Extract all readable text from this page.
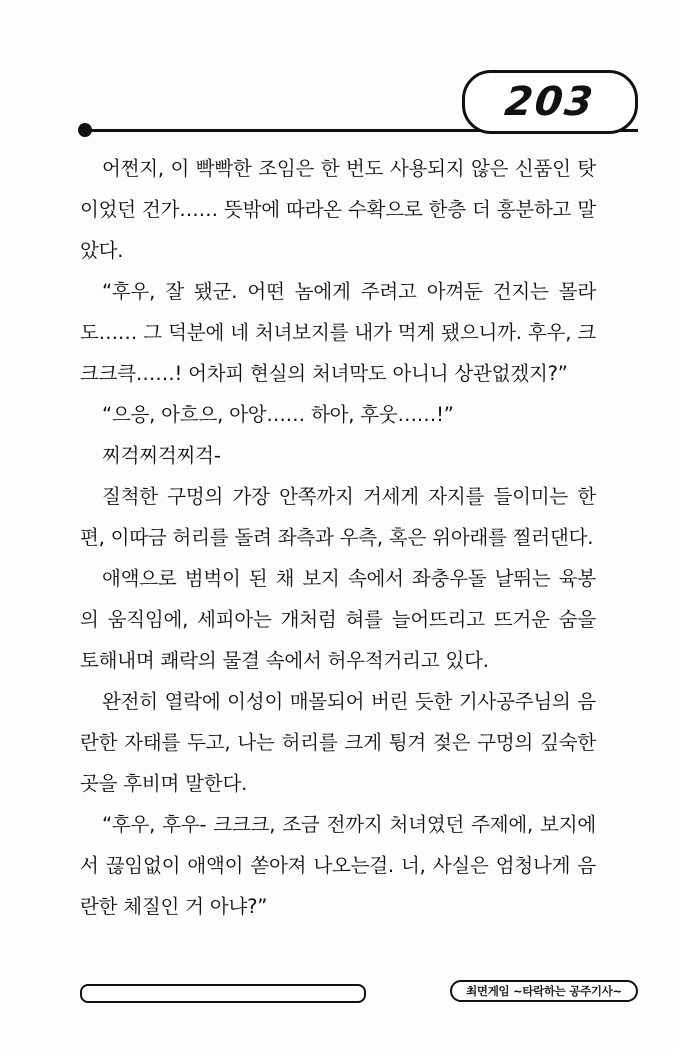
203

어쩐지, 이 빡빡한 조임은 한 번도 사용되지 않은 신품인 탓이었던 건가…… 뜻밖에 따라온 수확으로 한층 더 흥분하고 말았다.

“후우, 잘 됐군. 어떤 놈에게 주려고 아껴둔 건지는 몰라도…… 그 덕분에 네 처녀보지를 내가 먹게 됐으니까. 후우, 크크크큭……! 어차피 현실의 처녀막도 아니니 상관없겠지?”

“으응, 아흐으, 아앙…… 하아, 후웃……!”

찌걱찌걱찌걱-

질척한 구멍의 가장 안쪽까지 거세게 자지를 들이미는 한편, 이따금 허리를 돌려 좌측과 우측, 혹은 위아래를 찔러댄다.

애액으로 범벅이 된 채 보지 속에서 좌충우돌 날뛰는 육봉의 움직임에, 세피아는 개처럼 혀를 늘어뜨리고 뜨거운 숨을 토해내며 쾌락의 물결 속에서 허우적거리고 있다.

완전히 열락에 이성이 매몰되어 버린 듯한 기사공주님의 음란한 자태를 두고, 나는 허리를 크게 튕겨 젖은 구멍의 깊숙한 곳을 후비며 말한다.

“후우, 후우- 크크크, 조금 전까지 처녀였던 주제에, 보지에서 끊임없이 애액이 쏟아져 나오는걸. 너, 사실은 엄청나게 음란한 체질인 거 아냐?”

최면게임 ~타락하는 공주기사~
